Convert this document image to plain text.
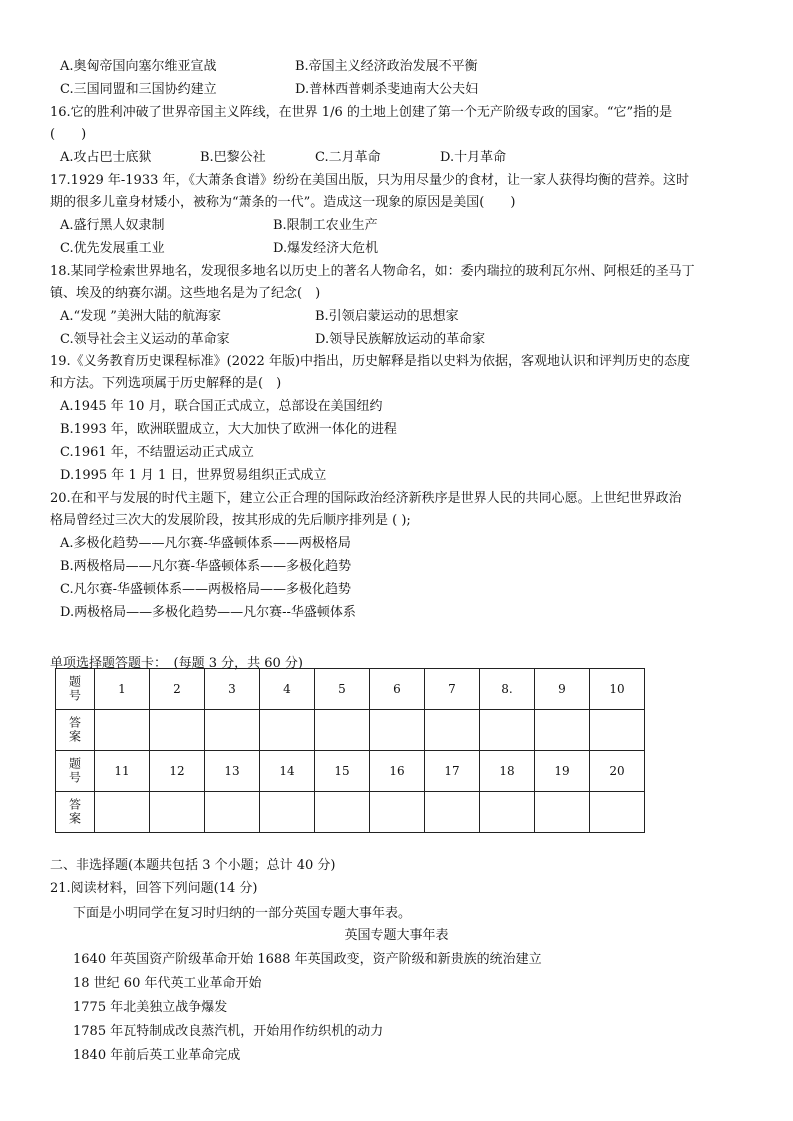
A.奥匈帝国向塞尔维亚宣战	B.帝国主义经济政治发展不平衡
C.三国同盟和三国协约建立	D.普林西普刺杀斐迪南大公夫妇
16.它的胜利冲破了世界帝国主义阵线，在世界 1/6 的土地上创建了第一个无产阶级专政的国家。“它”指的是
(　　)
A.攻占巴士底狱	B.巴黎公社	C.二月革命	D.十月革命
17.1929 年-1933 年，《大萧条食谱》纷纷在美国出版，只为用尽量少的食材，让一家人获得均衡的营养。这时
期的很多儿童身材矮小，被称为“萧条的一代”。造成这一现象的原因是美国(　　)
A.盛行黑人奴隶制	B.限制工农业生产
C.优先发展重工业	D.爆发经济大危机
18.某同学检索世界地名，发现很多地名以历史上的著名人物命名，如：委内瑞拉的玻利瓦尔州、阿根廷的圣马丁
镇、埃及的纳赛尔湖。这些地名是为了纪念(　)
A.“发现 ”美洲大陆的航海家	B.引领启蒙运动的思想家
C.领导社会主义运动的革命家	D.领导民族解放运动的革命家
19.《义务教育历史课程标准》(2022 年版)中指出，历史解释是指以史料为依据，客观地认识和评判历史的态度
和方法。下列选项属于历史解释的是(　)
A.1945 年 10 月，联合国正式成立，总部设在美国纽约
B.1993 年，欧洲联盟成立，大大加快了欧洲一体化的进程
C.1961 年，不结盟运动正式成立
D.1995 年 1 月 1 日，世界贸易组织正式成立
20.在和平与发展的时代主题下，建立公正合理的国际政治经济新秩序是世界人民的共同心愿。上世纪世界政治
格局曾经过三次大的发展阶段，按其形成的先后顺序排列是 ( );
A.多极化趋势——凡尔赛-华盛顿体系——两极格局
B.两极格局——凡尔赛-华盛顿体系——多极化趋势
C.凡尔赛-华盛顿体系——两极格局——多极化趋势
D.两极格局——多极化趋势——凡尔赛--华盛顿体系
单项选择题答题卡：　(每题 3 分，共 60 分)
题号	1	2	3	4	5	6	7	8.	9	10
答案										
题号	11	12	13	14	15	16	17	18	19	20
答案										
二、非选择题(本题共包括 3 个小题；总计 40 分)
21.阅读材料，回答下列问题(14 分)
下面是小明同学在复习时归纳的一部分英国专题大事年表。
英国专题大事年表
1640 年英国资产阶级革命开始 1688 年英国政变，资产阶级和新贵族的统治建立
18 世纪 60 年代英工业革命开始
1775 年北美独立战争爆发
1785 年瓦特制成改良蒸汽机，开始用作纺织机的动力
1840 年前后英工业革命完成
